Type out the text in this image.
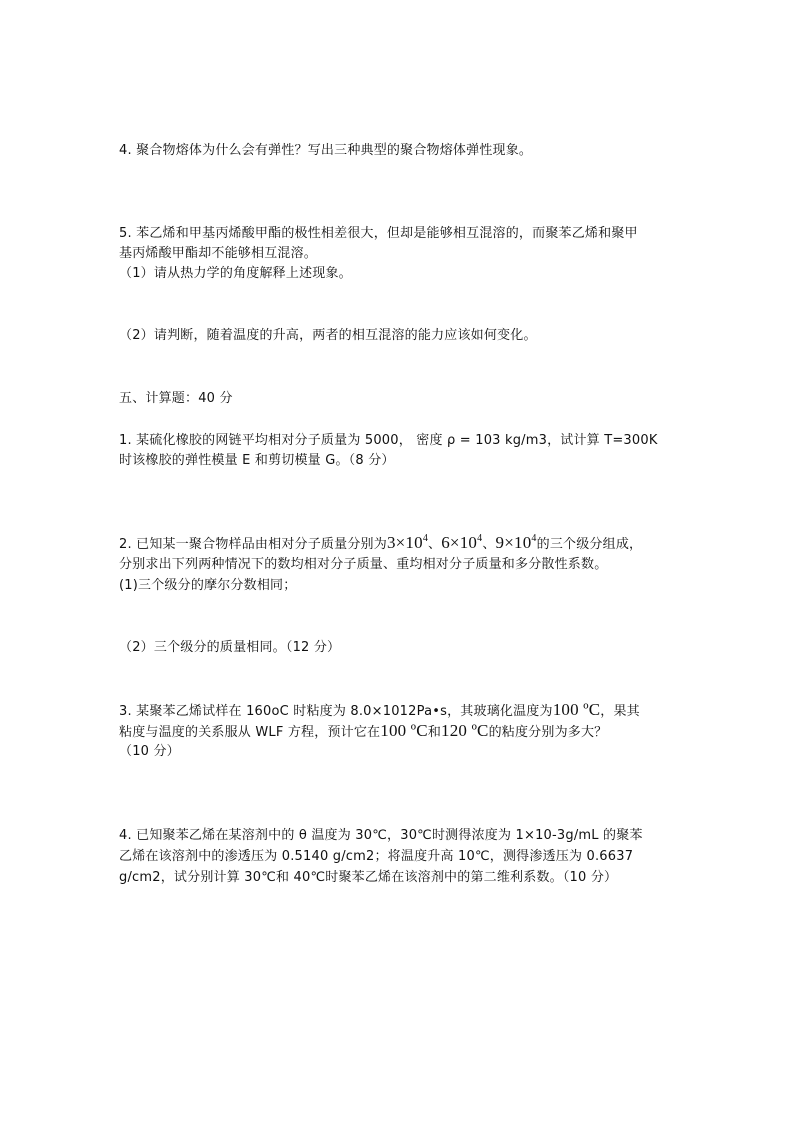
4. 聚合物熔体为什么会有弹性？写出三种典型的聚合物熔体弹性现象。
5. 苯乙烯和甲基丙烯酸甲酯的极性相差很大，但却是能够相互混溶的，而聚苯乙烯和聚甲
基丙烯酸甲酯却不能够相互混溶。
（1）请从热力学的角度解释上述现象。
（2）请判断，随着温度的升高，两者的相互混溶的能力应该如何变化。
五、计算题：40 分
1. 某硫化橡胶的网链平均相对分子质量为 5000， 密度 ρ = 103 kg/m3，试计算 T=300K
时该橡胶的弹性模量 E 和剪切模量 G。（8 分）
2. 已知某一聚合物样品由相对分子质量分别为$3\times 10^4$、$6\times 10^4$、$9\times 10^4$的三个级分组成，
分别求出下列两种情况下的数均相对分子质量、重均相对分子质量和多分散性系数。
(1)三个级分的摩尔分数相同；
（2）三个级分的质量相同。（12 分）
3. 某聚苯乙烯试样在 160oC 时粘度为 8.0×1012Pa•s，其玻璃化温度为100 ºC，果其
粘度与温度的关系服从 WLF 方程，预计它在100 ºC和120 ºC的粘度分别为多大？
（10 分）
4. 已知聚苯乙烯在某溶剂中的 θ 温度为 30℃，30℃时测得浓度为 1×10-3g/mL 的聚苯
乙烯在该溶剂中的渗透压为 0.5140 g/cm2；将温度升高 10℃，测得渗透压为 0.6637
g/cm2，试分别计算 30℃和 40℃时聚苯乙烯在该溶剂中的第二维利系数。（10 分）
